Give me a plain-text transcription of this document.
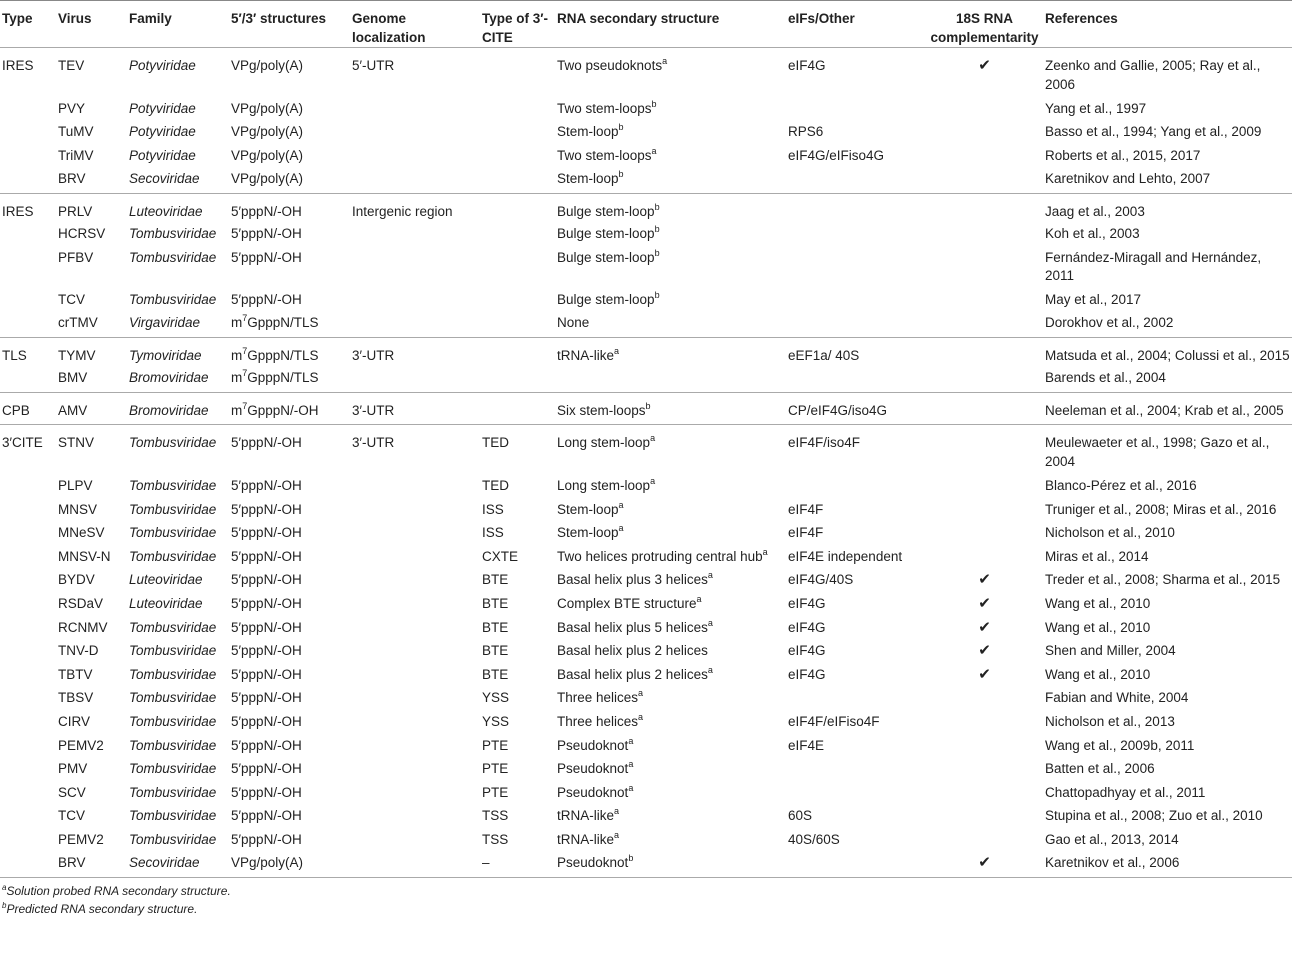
Type	Virus	Family	5′/3′ structures	Genome localization	Type of 3′-CITE	RNA secondary structure	eIFs/Other	18S RNA complementarity	References
IRES	TEV	Potyviridae	VPg/poly(A)	5′-UTR		Two pseudoknots$^a$	eIF4G	✔	Zeenko and Gallie, 2005; Ray et al., 2006
	PVY	Potyviridae	VPg/poly(A)			Two stem-loops$^b$			Yang et al., 1997
	TuMV	Potyviridae	VPg/poly(A)			Stem-loop$^b$	RPS6		Basso et al., 1994; Yang et al., 2009
	TriMV	Potyviridae	VPg/poly(A)			Two stem-loops$^a$	eIF4G/eIFiso4G		Roberts et al., 2015, 2017
	BRV	Secoviridae	VPg/poly(A)			Stem-loop$^b$			Karetnikov and Lehto, 2007
IRES	PRLV	Luteoviridae	5′pppN/-OH	Intergenic region		Bulge stem-loop$^b$			Jaag et al., 2003
	HCRSV	Tombusviridae	5′pppN/-OH			Bulge stem-loop$^b$			Koh et al., 2003
	PFBV	Tombusviridae	5′pppN/-OH			Bulge stem-loop$^b$			Fernández-Miragall and Hernández, 2011
	TCV	Tombusviridae	5′pppN/-OH			Bulge stem-loop$^b$			May et al., 2017
	crTMV	Virgaviridae	$m^7GpppN$/TLS			None			Dorokhov et al., 2002
TLS	TYMV	Tymoviridae	$m^7GpppN$/TLS	3′-UTR		tRNA-like$^a$	eEF1a/ 40S		Matsuda et al., 2004; Colussi et al., 2015
	BMV	Bromoviridae	$m^7GpppN$/TLS						Barends et al., 2004
CPB	AMV	Bromoviridae	$m^7GpppN/-OH$	3′-UTR		Six stem-loops$^b$	CP/eIF4G/iso4G		Neeleman et al., 2004; Krab et al., 2005
3′CITE	STNV	Tombusviridae	5′pppN/-OH	3′-UTR	TED	Long stem-loop$^a$	eIF4F/iso4F		Meulewaeter et al., 1998; Gazo et al., 2004
	PLPV	Tombusviridae	5′pppN/-OH		TED	Long stem-loop$^a$			Blanco-Pérez et al., 2016
	MNSV	Tombusviridae	5′pppN/-OH		ISS	Stem-loop$^a$	eIF4F		Truniger et al., 2008; Miras et al., 2016
	MNeSV	Tombusviridae	5′pppN/-OH		ISS	Stem-loop$^a$	eIF4F		Nicholson et al., 2010
	MNSV-N	Tombusviridae	5′pppN/-OH		CXTE	Two helices protruding central hub$^a$	eIF4E independent		Miras et al., 2014
	BYDV	Luteoviridae	5′pppN/-OH		BTE	Basal helix plus 3 helices$^a$	eIF4G/40S	✔	Treder et al., 2008; Sharma et al., 2015
	RSDaV	Luteoviridae	5′pppN/-OH		BTE	Complex BTE structure$^a$	eIF4G	✔	Wang et al., 2010
	RCNMV	Tombusviridae	5′pppN/-OH		BTE	Basal helix plus 5 helices$^a$	eIF4G	✔	Wang et al., 2010
	TNV-D	Tombusviridae	5′pppN/-OH		BTE	Basal helix plus 2 helices	eIF4G	✔	Shen and Miller, 2004
	TBTV	Tombusviridae	5′pppN/-OH		BTE	Basal helix plus 2 helices$^a$	eIF4G	✔	Wang et al., 2010
	TBSV	Tombusviridae	5′pppN/-OH		YSS	Three helices$^a$			Fabian and White, 2004
	CIRV	Tombusviridae	5′pppN/-OH		YSS	Three helices$^a$	eIF4F/eIFiso4F		Nicholson et al., 2013
	PEMV2	Tombusviridae	5′pppN/-OH		PTE	Pseudoknot$^a$	eIF4E		Wang et al., 2009b, 2011
	PMV	Tombusviridae	5′pppN/-OH		PTE	Pseudoknot$^a$			Batten et al., 2006
	SCV	Tombusviridae	5′pppN/-OH		PTE	Pseudoknot$^a$			Chattopadhyay et al., 2011
	TCV	Tombusviridae	5′pppN/-OH		TSS	tRNA-like$^a$	60S		Stupina et al., 2008; Zuo et al., 2010
	PEMV2	Tombusviridae	5′pppN/-OH		TSS	tRNA-like$^a$	40S/60S		Gao et al., 2013, 2014
	BRV	Secoviridae	VPg/poly(A)		–	Pseudoknot$^b$		✔	Karetnikov et al., 2006
$^a$Solution probed RNA secondary structure.
$^b$Predicted RNA secondary structure.
